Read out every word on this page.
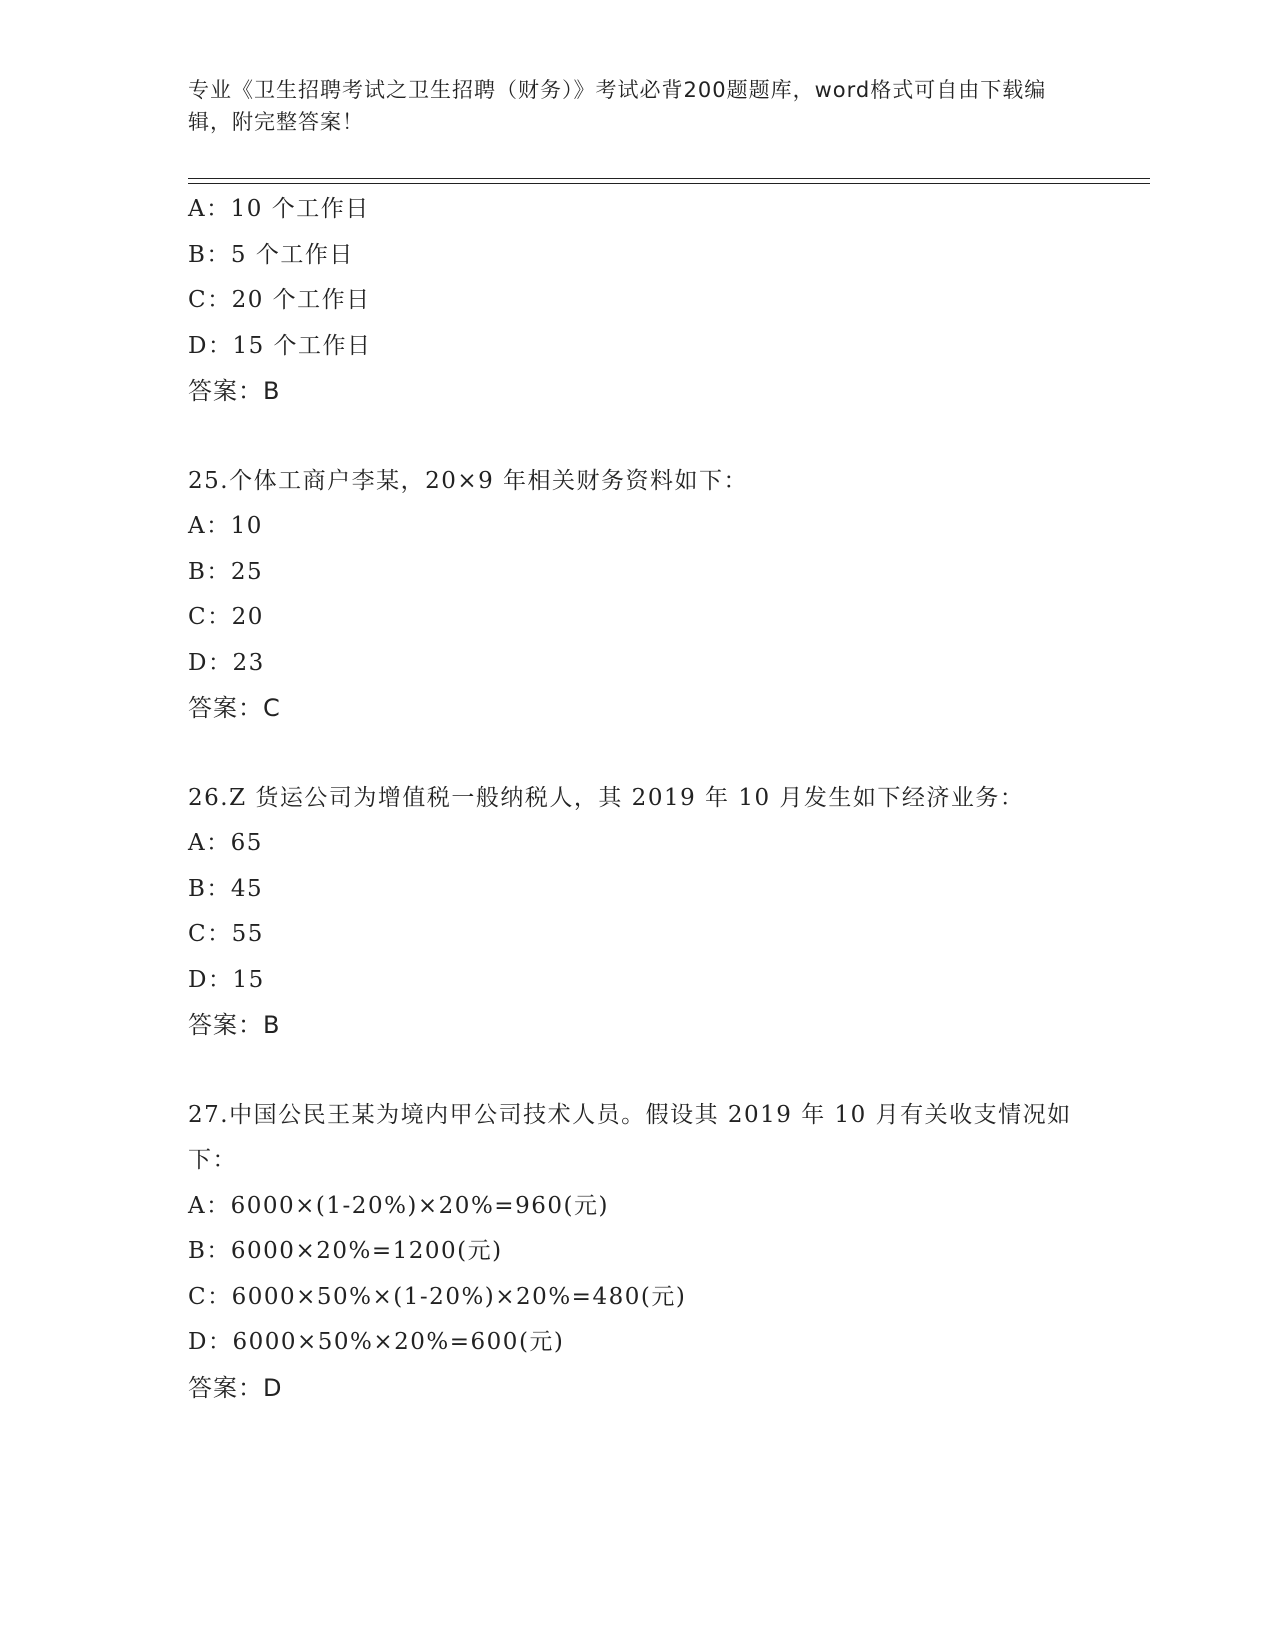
专业《卫生招聘考试之卫生招聘（财务）》考试必背200题题库，word格式可自由下载编辑，附完整答案！
A：10 个工作日
B：5 个工作日
C：20 个工作日
D：15 个工作日
答案：B
25.个体工商户李某，20×9 年相关财务资料如下：
A：10
B：25
C：20
D：23
答案：C
26.Z 货运公司为增值税一般纳税人，其 2019 年 10 月发生如下经济业务：
A：65
B：45
C：55
D：15
答案：B
27.中国公民王某为境内甲公司技术人员。假设其 2019 年 10 月有关收支情况如下：
A：6000×(1-20%)×20%=960(元)
B：6000×20%=1200(元)
C：6000×50%×(1-20%)×20%=480(元)
D：6000×50%×20%=600(元)
答案：D
